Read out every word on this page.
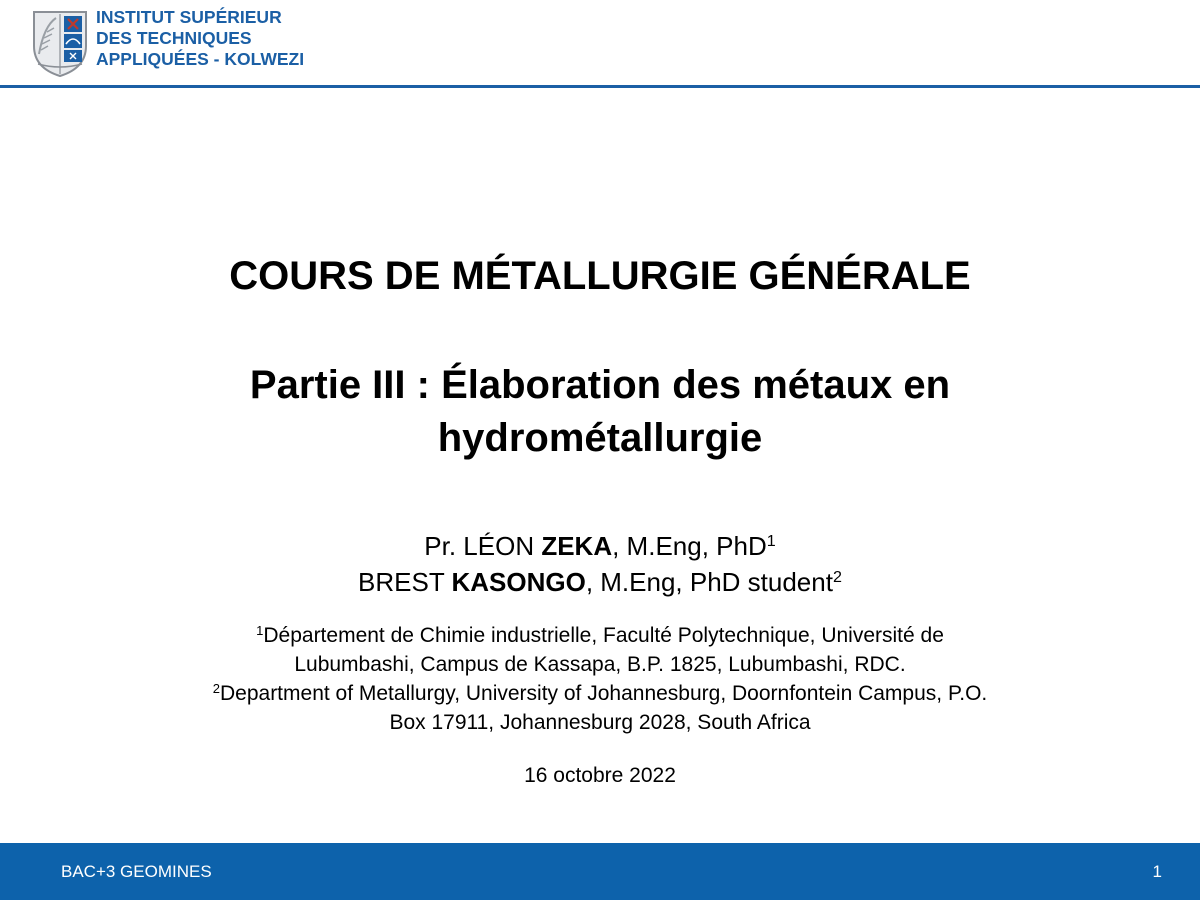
INSTITUT SUPÉRIEUR
DES TECHNIQUES
APPLIQUÉES - KOLWEZI
COURS DE MÉTALLURGIE GÉNÉRALE
Partie III : Élaboration des métaux en
hydrométallurgie
Pr. LÉON ZEKA, M.Eng, PhD$^1$
BREST KASONGO, M.Eng, PhD student$^2$
$^1$Département de Chimie industrielle, Faculté Polytechnique, Université de
Lubumbashi, Campus de Kassapa, B.P. 1825, Lubumbashi, RDC.
$^2$Department of Metallurgy, University of Johannesburg, Doornfontein Campus, P.O.
Box 17911, Johannesburg 2028, South Africa
16 octobre 2022
BAC+3 GEOMINES	1
